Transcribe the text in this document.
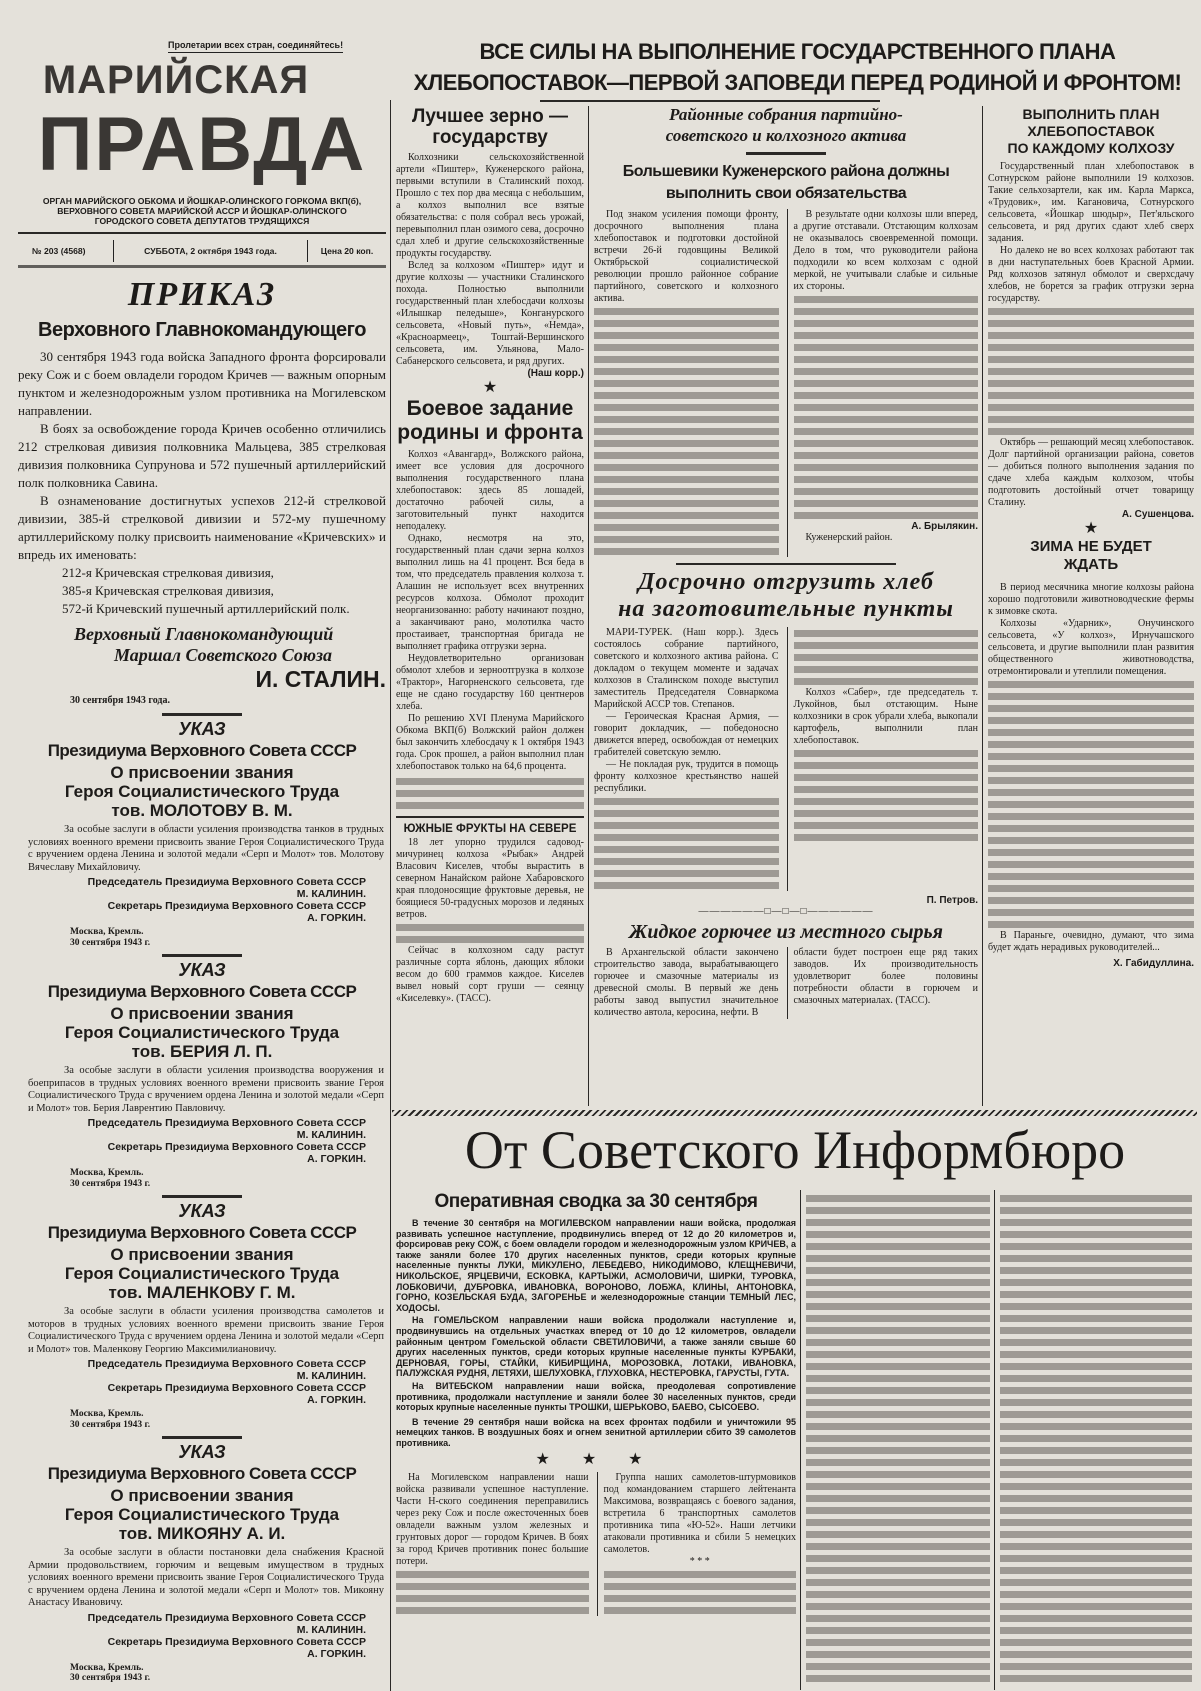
Пролетарии всех стран, соединяйтесь!
МАРИЙСКАЯ
ПРАВДА
ОРГАН МАРИЙСКОГО ОБКОМА И ЙОШКАР-ОЛИНСКОГО ГОРКОМА ВКП(б),
ВЕРХОВНОГО СОВЕТА МАРИЙСКОЙ АССР И ЙОШКАР-ОЛИНСКОГО
ГОРОДСКОГО СОВЕТА ДЕПУТАТОВ ТРУДЯЩИХСЯ
№ 203 (4568)	СУББОТА, 2 октября 1943 года.	Цена 20 коп.
ПРИКАЗ
Верховного Главнокомандующего

30 сентября 1943 года войска Западного фронта форсировали реку Сож и с боем овладели городом Кричев — важным опорным пунктом и железнодорожным узлом противника на Могилевском направлении.

В боях за освобождение города Кричев особенно отличились 212 стрелковая дивизия полковника Мальцева, 385 стрелковая дивизия полковника Супрунова и 572 пушечный артиллерийский полк полковника Савина.

В ознаменование достигнутых успехов 212-й стрелковой дивизии, 385-й стрелковой дивизии и 572-му пушечному артиллерийскому полку присвоить наименование «Кричевских» и впредь их именовать:

212-я Кричевская стрелковая дивизия,
385-я Кричевская стрелковая дивизия,
572-й Кричевский пушечный артиллерийский полк.
Верховный Главнокомандующий
Маршал Советского Союза
И. СТАЛИН.
30 сентября 1943 года.
УКАЗ
Президиума Верховного Совета СССР
О присвоении звания
Героя Социалистического Труда
тов. МОЛОТОВУ В. М.

За особые заслуги в области усиления производства танков в трудных условиях военного времени присвоить звание Героя Социалистического Труда с вручением ордена Ленина и золотой медали «Серп и Молот» тов. Молотову Вячеславу Михайловичу.

Председатель Президиума Верховного Совета СССР
М. КАЛИНИН.
Секретарь Президиума Верховного Совета СССР
А. ГОРКИН.
Москва, Кремль.
30 сентября 1943 г.
УКАЗ
Президиума Верховного Совета СССР
О присвоении звания
Героя Социалистического Труда
тов. БЕРИЯ Л. П.

За особые заслуги в области усиления производства вооружения и боеприпасов в трудных условиях военного времени присвоить звание Героя Социалистического Труда с вручением ордена Ленина и золотой медали «Серп и Молот» тов. Берия Лаврентию Павловичу.

Председатель Президиума Верховного Совета СССР
М. КАЛИНИН.
Секретарь Президиума Верховного Совета СССР
А. ГОРКИН.
Москва, Кремль.
30 сентября 1943 г.
УКАЗ
Президиума Верховного Совета СССР
О присвоении звания
Героя Социалистического Труда
тов. МАЛЕНКОВУ Г. М.

За особые заслуги в области усиления производства самолетов и моторов в трудных условиях военного времени присвоить звание Героя Социалистического Труда с вручением ордена Ленина и золотой медали «Серп и Молот» тов. Маленкову Георгию Максимилиановичу.

Председатель Президиума Верховного Совета СССР
М. КАЛИНИН.
Секретарь Президиума Верховного Совета СССР
А. ГОРКИН.
Москва, Кремль.
30 сентября 1943 г.
УКАЗ
Президиума Верховного Совета СССР
О присвоении звания
Героя Социалистического Труда
тов. МИКОЯНУ А. И.

За особые заслуги в области постановки дела снабжения Красной Армии продовольствием, горючим и вещевым имуществом в трудных условиях военного времени присвоить звание Героя Социалистического Труда с вручением ордена Ленина и золотой медали «Серп и Молот» тов. Микояну Анастасу Ивановичу.

Председатель Президиума Верховного Совета СССР
М. КАЛИНИН.
Секретарь Президиума Верховного Совета СССР
А. ГОРКИН.
Москва, Кремль.
30 сентября 1943 г.
ВСЕ СИЛЫ НА ВЫПОЛНЕНИЕ ГОСУДАРСТВЕННОГО ПЛАНА
ХЛЕБОПОСТАВОК—ПЕРВОЙ ЗАПОВЕДИ ПЕРЕД РОДИНОЙ И ФРОНТОМ!
Лучшее зерно — государству

Колхозники сельскохозяйственной артели «Пиштер», Куженерского района, первыми вступили в Сталинский поход. Прошло с тех пор два месяца с небольшим, а колхоз выполнил все взятые обязательства: с поля собрал весь урожай, перевыполнил план озимого сева, досрочно сдал хлеб и другие сельскохозяйственные продукты государству.

Вслед за колхозом «Пиштер» идут и другие колхозы — участники Сталинского похода. Полностью выполнили государственный план хлебосдачи колхозы «Илышкар пеледыше», Конганурского сельсовета, «Новый путь», «Немда», «Красноармеец», Тоштай-Вершинского сельсовета, им. Ульянова, Мало-Сабанерского сельсовета, и ряд других.

(Наш корр.)
★
Боевое задание родины и фронта

Колхоз «Авангард», Волжского района, имеет все условия для досрочного выполнения государственного плана хлебопоставок: здесь 85 лошадей, достаточно рабочей силы, а заготовительный пункт находится неподалеку.

Однако, несмотря на это, государственный план сдачи зерна колхоз выполнил лишь на 41 процент. Вся беда в том, что председатель правления колхоза т. Алашин не использует всех внутренних ресурсов колхоза. Обмолот проходит неорганизованно: работу начинают поздно, а заканчивают рано, молотилка часто простаивает, транспортная бригада не выполняет графика отгрузки зерна.

Неудовлетворительно организован обмолот хлебов и зерноотгрузка в колхозе «Трактор», Нагорненского сельсовета, где еще не сдано государству 160 центнеров хлеба.

По решению XVI Пленума Марийского Обкома ВКП(б) Волжский район должен был закончить хлебосдачу к 1 октября 1943 года. Срок прошел, а район выполнил план хлебопоставок только на 64,6 процента.

ЮЖНЫЕ ФРУКТЫ НА СЕВЕРЕ

18 лет упорно трудился садовод-мичуринец колхоза «Рыбак» Андрей Власович Киселев, чтобы вырастить в северном Нанайском районе Хабаровского края плодоносящие фруктовые деревья, не боящиеся 50-градусных морозов и ледяных ветров.

Сейчас в колхозном саду растут различные сорта яблонь, дающих яблоки весом до 600 граммов каждое. Киселев вывел новый сорт груши — сеянцу «Киселевку». (ТАСС).

Районные собрания партийно-
советского и колхозного актива
Большевики Куженерского района должны
выполнить свои обязательства

Под знаком усиления помощи фронту, досрочного выполнения плана хлебопоставок и подготовки достойной встречи 26-й годовщины Великой Октябрьской социалистической революции прошло районное собрание партийного, советского и колхозного актива.

В результате одни колхозы шли вперед, а другие отставали. Отстающим колхозам не оказывалось своевременной помощи. Дело в том, что руководители района подходили ко всем колхозам с одной меркой, не учитывали слабые и сильные их стороны.

А. Брылякин.
Куженерский район.
Досрочно отгрузить хлеб
на заготовительные пункты

МАРИ-ТУРЕК. (Наш корр.). Здесь состоялось собрание партийного, советского и колхозного актива района. С докладом о текущем моменте и задачах колхозов в Сталинском походе выступил заместитель Председателя Совнаркома Марийской АССР тов. Степанов.

— Героическая Красная Армия, — говорит докладчик, — победоносно движется вперед, освобождая от немецких грабителей советскую землю.

— Не покладая рук, трудится в помощь фронту колхозное крестьянство нашей республики.

Колхоз «Сабер», где председатель т. Лукойнов, был отстающим. Ныне колхозники в срок убрали хлеба, выкопали картофель, выполнили план хлебопоставок.

П. Петров.
——————□—□—□——————
Жидкое горючее из местного сырья

В Архангельской области закончено строительство завода, вырабатывающего горючее и смазочные материалы из древесной смолы. В первый же день работы завод выпустил значительное количество автола, керосина, нефти. В

области будет построен еще ряд таких заводов. Их производительность удовлетворит более половины потребности области в горючем и смазочных материалах. (ТАСС).

ВЫПОЛНИТЬ ПЛАН
ХЛЕБОПОСТАВОК
ПО КАЖДОМУ КОЛХОЗУ

Государственный план хлебопоставок в Сотнурском районе выполнили 19 колхозов. Такие сельхозартели, как им. Карла Маркса, «Трудовик», им. Кагановича, Сотнурского сельсовета, «Йошкар шюдыр», Пет'яльского сельсовета, и ряд других сдают хлеб сверх задания.

Но далеко не во всех колхозах работают так в дни наступательных боев Красной Армии. Ряд колхозов затянул обмолот и сверхсдачу хлебов, не борется за график отгрузки зерна государству.

Октябрь — решающий месяц хлебопоставок. Долг партийной организации района, советов — добиться полного выполнения задания по сдаче хлеба каждым колхозом, чтобы подготовить достойный отчет товарищу Сталину.

А. Сушенцова.
★
ЗИМА НЕ БУДЕТ
ЖДАТЬ

В период месячника многие колхозы района хорошо подготовили животноводческие фермы к зимовке скота.

Колхозы «Ударник», Онучинского сельсовета, «У колхоз», Ирнучашского сельсовета, и другие выполнили план развития общественного животноводства, отремонтировали и утеплили помещения.

В Параньге, очевидно, думают, что зима будет ждать нерадивых руководителей...

Х. Габидуллина.
От Советского Информбюро
Оперативная сводка за 30 сентября

В течение 30 сентября на МОГИЛЕВСКОМ направлении наши войска, продолжая развивать успешное наступление, продвинулись вперед от 12 до 20 километров и, форсировав реку СОЖ, с боем овладели городом и железнодорожным узлом КРИЧЕВ, а также заняли более 170 других населенных пунктов, среди которых крупные населенные пункты ЛУКИ, МИКУЛЕНО, ЛЕБЕДЕВО, НИКОДИМОВО, КЛЕЩНЕВИЧИ, НИКОЛЬСКОЕ, ЯРЦЕВИЧИ, ЕСКОВКА, КАРТЫЖИ, АСМОЛОВИЧИ, ШИРКИ, ТУРОВКА, ЛОБКОВИЧИ, ДУБРОВКА, ИВАНОВКА, ВОРОНОВО, ЛОБЖА, КЛИНЫ, АНТОНОВКА, ГОРНО, КОЗЕЛЬСКАЯ БУДА, ЗАГОРЕНЬЕ и железнодорожные станции ТЕМНЫЙ ЛЕС, ХОДОСЫ.

На ГОМЕЛЬСКОМ направлении наши войска продолжали наступление и, продвинувшись на отдельных участках вперед от 10 до 12 километров, овладели районным центром Гомельской области СВЕТИЛОВИЧИ, а также заняли свыше 60 других населенных пунктов, среди которых крупные населенные пункты КУРБАКИ, ДЕРНОВАЯ, ГОРЫ, СТАЙКИ, КИБИРЩИНА, МОРОЗОВКА, ЛОТАКИ, ИВАНОВКА, ПАЛУЖСКАЯ РУДНЯ, ЛЕТЯХИ, ШЕЛУХОВКА, ГЛУХОВКА, НЕСТЕРОВКА, ГАРУСТЫ, ГУТА.

На ВИТЕБСКОМ направлении наши войска, преодолевая сопротивление противника, продолжали наступление и заняли более 30 населенных пунктов, среди которых крупные населенные пункты ТРОШКИ, ШЕРЬКОВО, БАЕВО, СЫСОЕВО.

В течение 29 сентября наши войска на всех фронтах подбили и уничтожили 95 немецких танков. В воздушных боях и огнем зенитной артиллерии сбито 39 самолетов противника.

★ ★ ★

На Могилевском направлении наши войска развивали успешное наступление. Части Н-ского соединения переправились через реку Сож и после ожесточенных боев овладели важным узлом железных и грунтовых дорог — городом Кричев. В боях за город Кричев противник понес большие потери.

Группа наших самолетов-штурмовиков под командованием старшего лейтенанта Максимова, возвращаясь с боевого задания, встретила 6 транспортных самолетов противника типа «Ю-52». Наши летчики атаковали противника и сбили 5 немецких самолетов.

* * *
